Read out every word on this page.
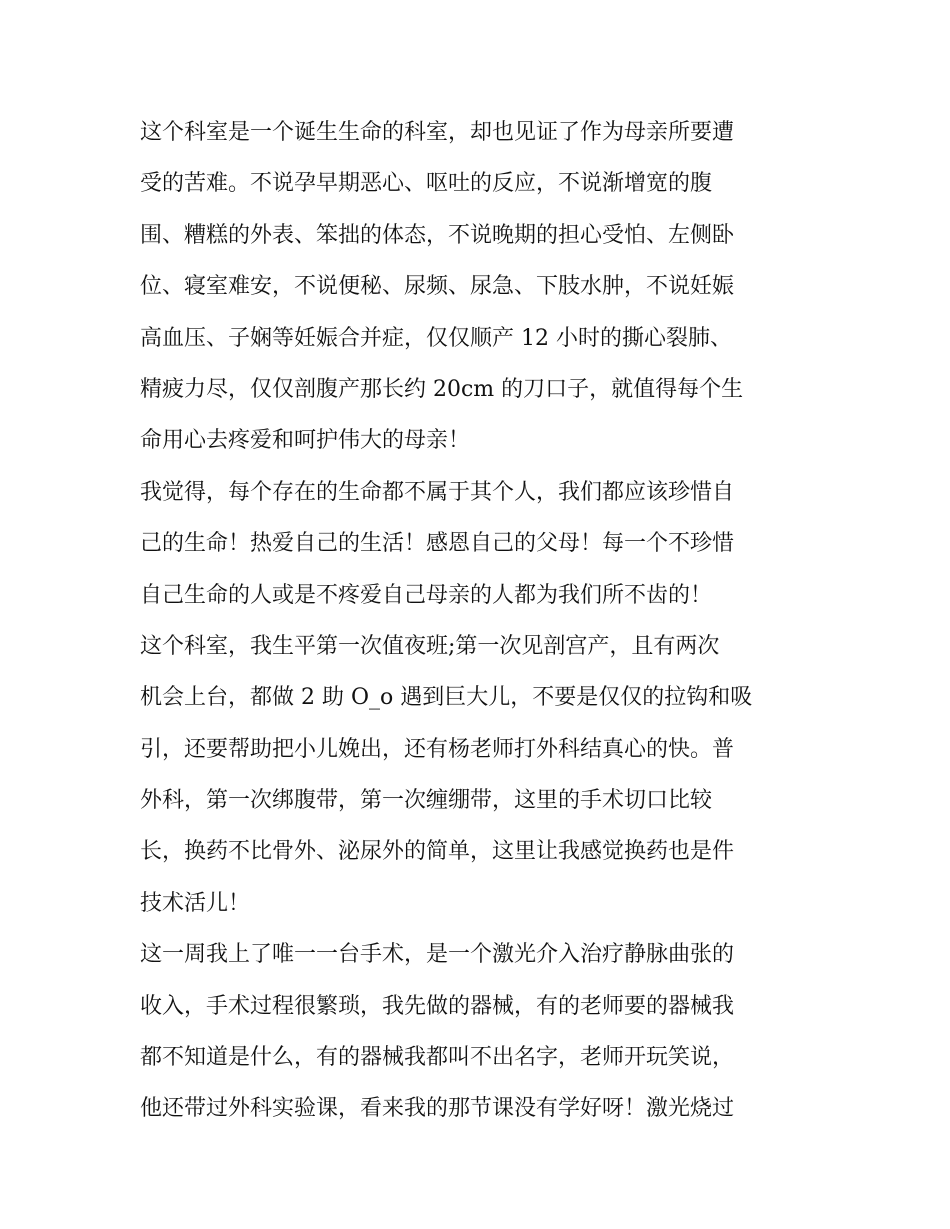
这个科室是一个诞生生命的科室，却也见证了作为母亲所要遭
受的苦难。不说孕早期恶心、呕吐的反应，不说渐增宽的腹
围、糟糕的外表、笨拙的体态，不说晚期的担心受怕、左侧卧
位、寝室难安，不说便秘、尿频、尿急、下肢水肿，不说妊娠
高血压、子娴等妊娠合并症，仅仅顺产 12 小时的撕心裂肺、
精疲力尽，仅仅剖腹产那长约 20cm 的刀口子，就值得每个生
命用心去疼爱和呵护伟大的母亲！
我觉得，每个存在的生命都不属于其个人，我们都应该珍惜自
己的生命！热爱自己的生活！感恩自己的父母！每一个不珍惜
自己生命的人或是不疼爱自己母亲的人都为我们所不齿的！
这个科室，我生平第一次值夜班;第一次见剖宫产，且有两次
机会上台，都做 2 助 O_o 遇到巨大儿，不要是仅仅的拉钩和吸
引，还要帮助把小儿娩出，还有杨老师打外科结真心的快。普
外科，第一次绑腹带，第一次缠绷带，这里的手术切口比较
长，换药不比骨外、泌尿外的简单，这里让我感觉换药也是件
技术活儿！
这一周我上了唯一一台手术，是一个激光介入治疗静脉曲张的
收入，手术过程很繁琐，我先做的器械，有的老师要的器械我
都不知道是什么，有的器械我都叫不出名字，老师开玩笑说，
他还带过外科实验课，看来我的那节课没有学好呀！激光烧过
